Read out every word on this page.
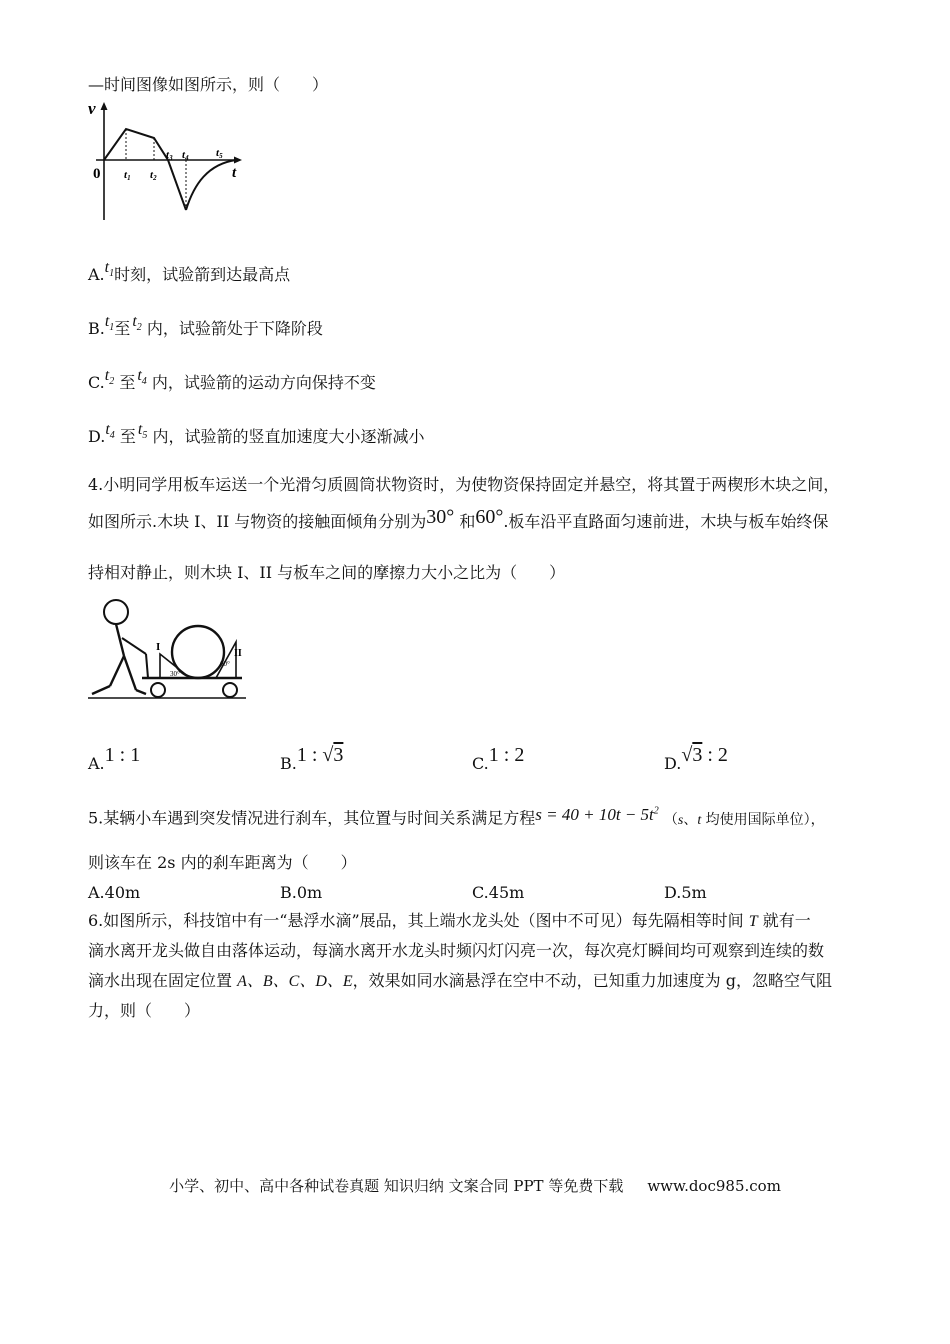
—时间图像如图所示，则（　　）
v
t
0 t1 t2
t3 t4 t5
$A.t_1$时刻，试验箭到达最高点
$B.t_1$至 $t_2$ 内，试验箭处于下降阶段
$C.t_2$ 至 $t_4$ 内，试验箭的运动方向保持不变
$D.t_4$ 至 $t_5$ 内，试验箭的竖直加速度大小逐渐减小
4.小明同学用板车运送一个光滑匀质圆筒状物资时，为使物资保持固定并悬空，将其置于两楔形木块之间，
如图所示.木块 I、II 与物资的接触面倾角分别为30° 和60°.板车沿平直路面匀速前进，木块与板车始终保
持相对静止，则木块 I、II 与板车之间的摩擦力大小之比为（　　）
I
II
30°
60°
A.1 : 1	B.1 : √3	C.1 : 2	D.√3 : 2
5.某辆小车遇到突发情况进行刹车，其位置与时间关系满足方程$s = 40 + 10t - 5t^2$ （s、t 均使用国际单位），
则该车在 2s 内的刹车距离为（　　）
A.40m	B.0m	C.45m	D.5m
6.如图所示，科技馆中有一“悬浮水滴”展品，其上端水龙头处（图中不可见）每先隔相等时间 T 就有一
滴水离开龙头做自由落体运动，每滴水离开水龙头时频闪灯闪亮一次，每次亮灯瞬间均可观察到连续的数
滴水出现在固定位置 A、B、C、D、E，效果如同水滴悬浮在空中不动，已知重力加速度为 g，忽略空气阻
力，则（　　）
小学、初中、高中各种试卷真题 知识归纳 文案合同 PPT 等免费下载 www.doc985.com
